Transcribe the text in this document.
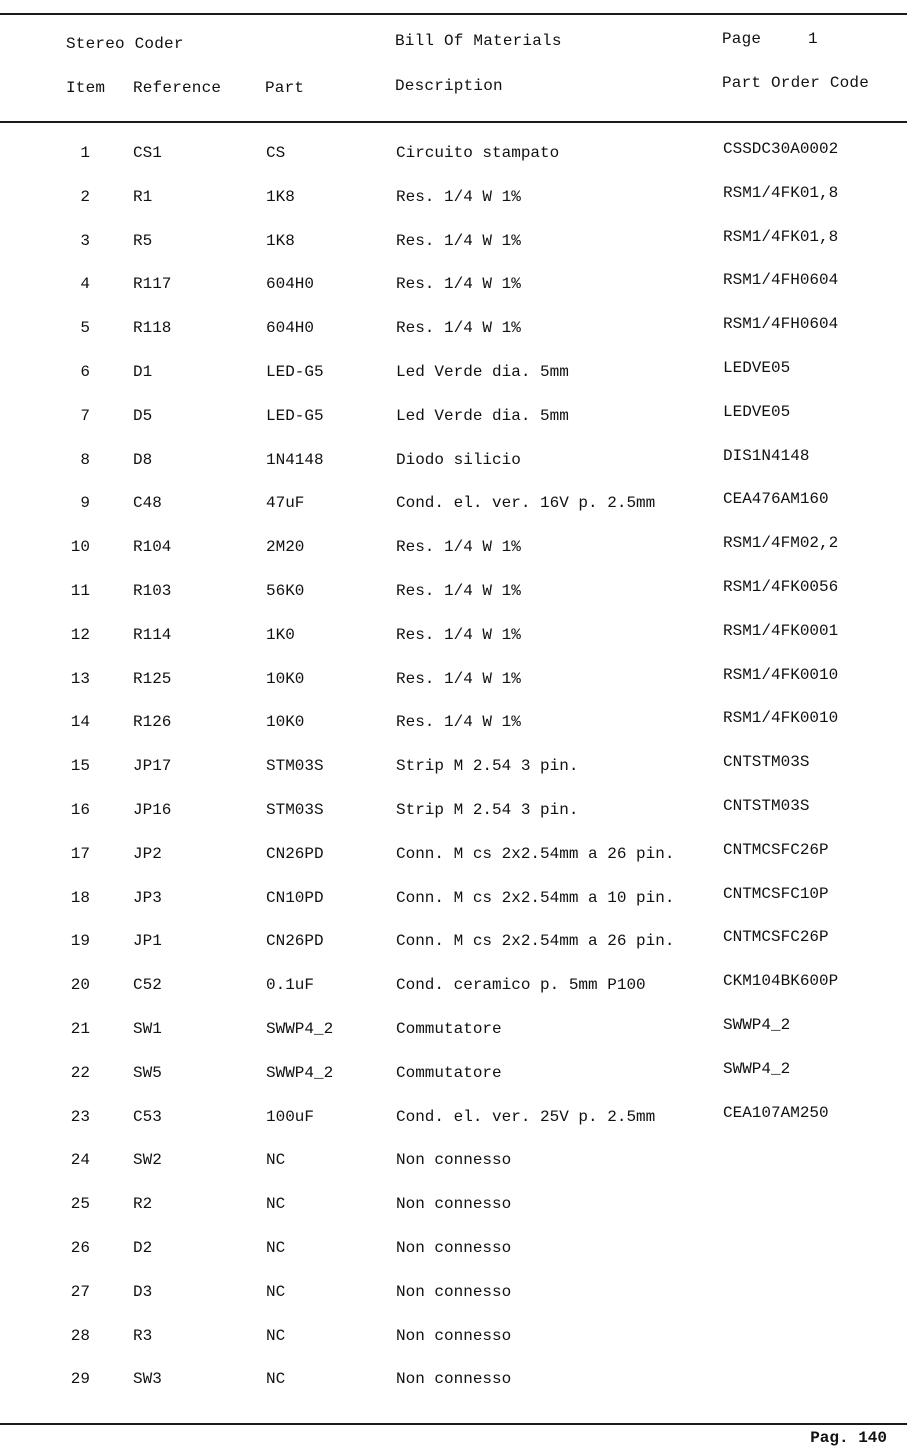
Stereo Coder	Bill Of Materials	Page	1
Item Reference	Part	Description	Part Order Code
1	CS1	CS	Circuito stampato	CSSDC30A0002
2	R1	1K8	Res. 1/4 W 1%	RSM1/4FK01,8
3	R5	1K8	Res. 1/4 W 1%	RSM1/4FK01,8
4	R117	604H0	Res. 1/4 W 1%	RSM1/4FH0604
5	R118	604H0	Res. 1/4 W 1%	RSM1/4FH0604
6	D1	LED-G5	Led Verde dia. 5mm	LEDVE05
7	D5	LED-G5	Led Verde dia. 5mm	LEDVE05
8	D8	1N4148	Diodo silicio	DIS1N4148
9	C48	47uF	Cond. el. ver. 16V p. 2.5mm	CEA476AM160
10	R104	2M20	Res. 1/4 W 1%	RSM1/4FM02,2
11	R103	56K0	Res. 1/4 W 1%	RSM1/4FK0056
12	R114	1K0	Res. 1/4 W 1%	RSM1/4FK0001
13	R125	10K0	Res. 1/4 W 1%	RSM1/4FK0010
14	R126	10K0	Res. 1/4 W 1%	RSM1/4FK0010
15	JP17	STM03S	Strip M 2.54 3 pin.	CNTSTM03S
16	JP16	STM03S	Strip M 2.54 3 pin.	CNTSTM03S
17	JP2	CN26PD	Conn. M cs 2x2.54mm a 26 pin.	CNTMCSFC26P
18	JP3	CN10PD	Conn. M cs 2x2.54mm a 10 pin.	CNTMCSFC10P
19	JP1	CN26PD	Conn. M cs 2x2.54mm a 26 pin.	CNTMCSFC26P
20	C52	0.1uF	Cond. ceramico p. 5mm P100	CKM104BK600P
21	SW1	SWWP4_2	Commutatore	SWWP4_2
22	SW5	SWWP4_2	Commutatore	SWWP4_2
23	C53	100uF	Cond. el. ver. 25V p. 2.5mm	CEA107AM250
24	SW2	NC	Non connesso
25	R2	NC	Non connesso
26	D2	NC	Non connesso
27	D3	NC	Non connesso
28	R3	NC	Non connesso
29	SW3	NC	Non connesso
Pag. 140
